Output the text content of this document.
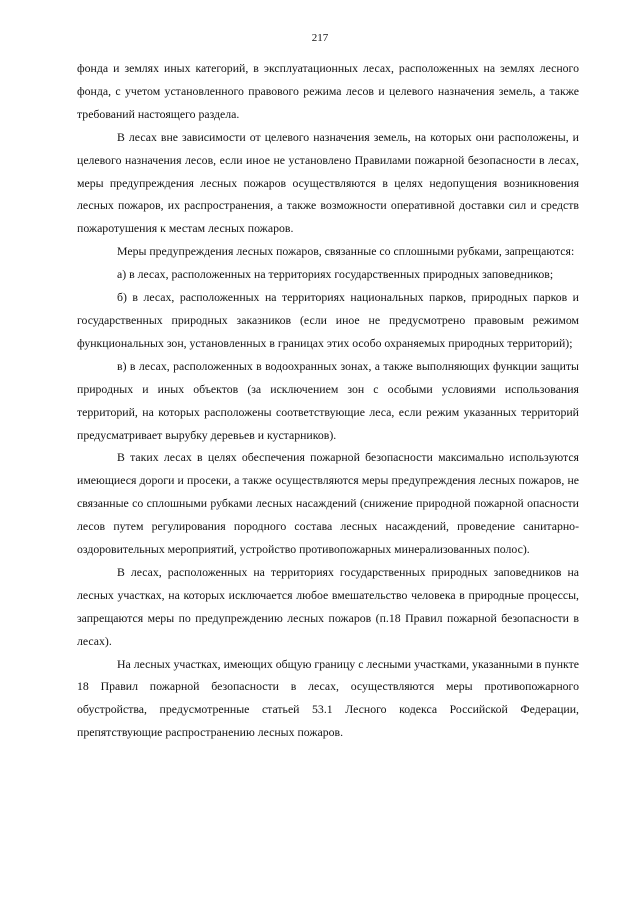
217

фонда и землях иных категорий, в эксплуатационных лесах, расположенных на землях лесного фонда, с учетом установленного правового режима лесов и целевого назначения земель, а также требований настоящего раздела.

В лесах вне зависимости от целевого назначения земель, на которых они расположены, и целевого назначения лесов, если иное не установлено Правилами пожарной безопасности в лесах, меры предупреждения лесных пожаров осуществляются в целях недопущения возникновения лесных пожаров, их распространения, а также возможности оперативной доставки сил и средств пожаротушения к местам лесных пожаров.

Меры предупреждения лесных пожаров, связанные со сплошными рубками, запрещаются:

а) в лесах, расположенных на территориях государственных природных заповедников;

б) в лесах, расположенных на территориях национальных парков, природных парков и государственных природных заказников (если иное не предусмотрено правовым режимом функциональных зон, установленных в границах этих особо охраняемых природных территорий);

в) в лесах, расположенных в водоохранных зонах, а также выполняющих функции защиты природных и иных объектов (за исключением зон с особыми условиями использования территорий, на которых расположены соответствующие леса, если режим указанных территорий предусматривает вырубку деревьев и кустарников).

В таких лесах в целях обеспечения пожарной безопасности максимально используются имеющиеся дороги и просеки, а также осуществляются меры предупреждения лесных пожаров, не связанные со сплошными рубками лесных насаждений (снижение природной пожарной опасности лесов путем регулирования породного состава лесных насаждений, проведение санитарно-оздоровительных мероприятий, устройство противопожарных минерализованных полос).

В лесах, расположенных на территориях государственных природных заповедников на лесных участках, на которых исключается любое вмешательство человека в природные процессы, запрещаются меры по предупреждению лесных пожаров (п.18 Правил пожарной безопасности в лесах).

На лесных участках, имеющих общую границу с лесными участками, указанными в пункте 18 Правил пожарной безопасности в лесах, осуществляются меры противопожарного обустройства, предусмотренные статьей 53.1 Лесного кодекса Российской Федерации, препятствующие распространению лесных пожаров.
